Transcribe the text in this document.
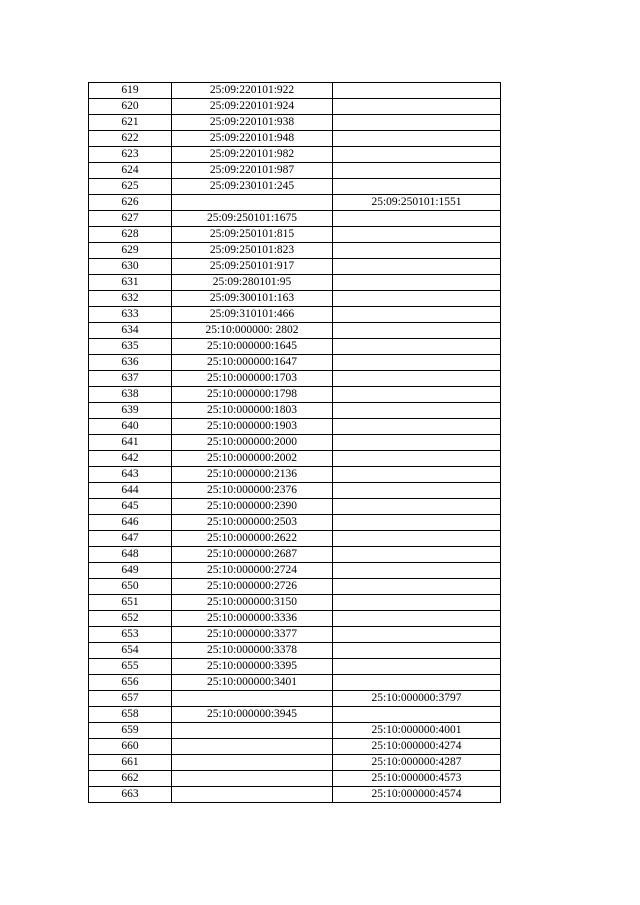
619	25:09:220101:922	
620	25:09:220101:924	
621	25:09:220101:938	
622	25:09:220101:948	
623	25:09:220101:982	
624	25:09:220101:987	
625	25:09:230101:245	
626		25:09:250101:1551
627	25:09:250101:1675	
628	25:09:250101:815	
629	25:09:250101:823	
630	25:09:250101:917	
631	25:09:280101:95	
632	25:09:300101:163	
633	25:09:310101:466	
634	25:10:000000: 2802	
635	25:10:000000:1645	
636	25:10:000000:1647	
637	25:10:000000:1703	
638	25:10:000000:1798	
639	25:10:000000:1803	
640	25:10:000000:1903	
641	25:10:000000:2000	
642	25:10:000000:2002	
643	25:10:000000:2136	
644	25:10:000000:2376	
645	25:10:000000:2390	
646	25:10:000000:2503	
647	25:10:000000:2622	
648	25:10:000000:2687	
649	25:10:000000:2724	
650	25:10:000000:2726	
651	25:10:000000:3150	
652	25:10:000000:3336	
653	25:10:000000:3377	
654	25:10:000000:3378	
655	25:10:000000:3395	
656	25:10:000000:3401	
657		25:10:000000:3797
658	25:10:000000:3945	
659		25:10:000000:4001
660		25:10:000000:4274
661		25:10:000000:4287
662		25:10:000000:4573
663		25:10:000000:4574
